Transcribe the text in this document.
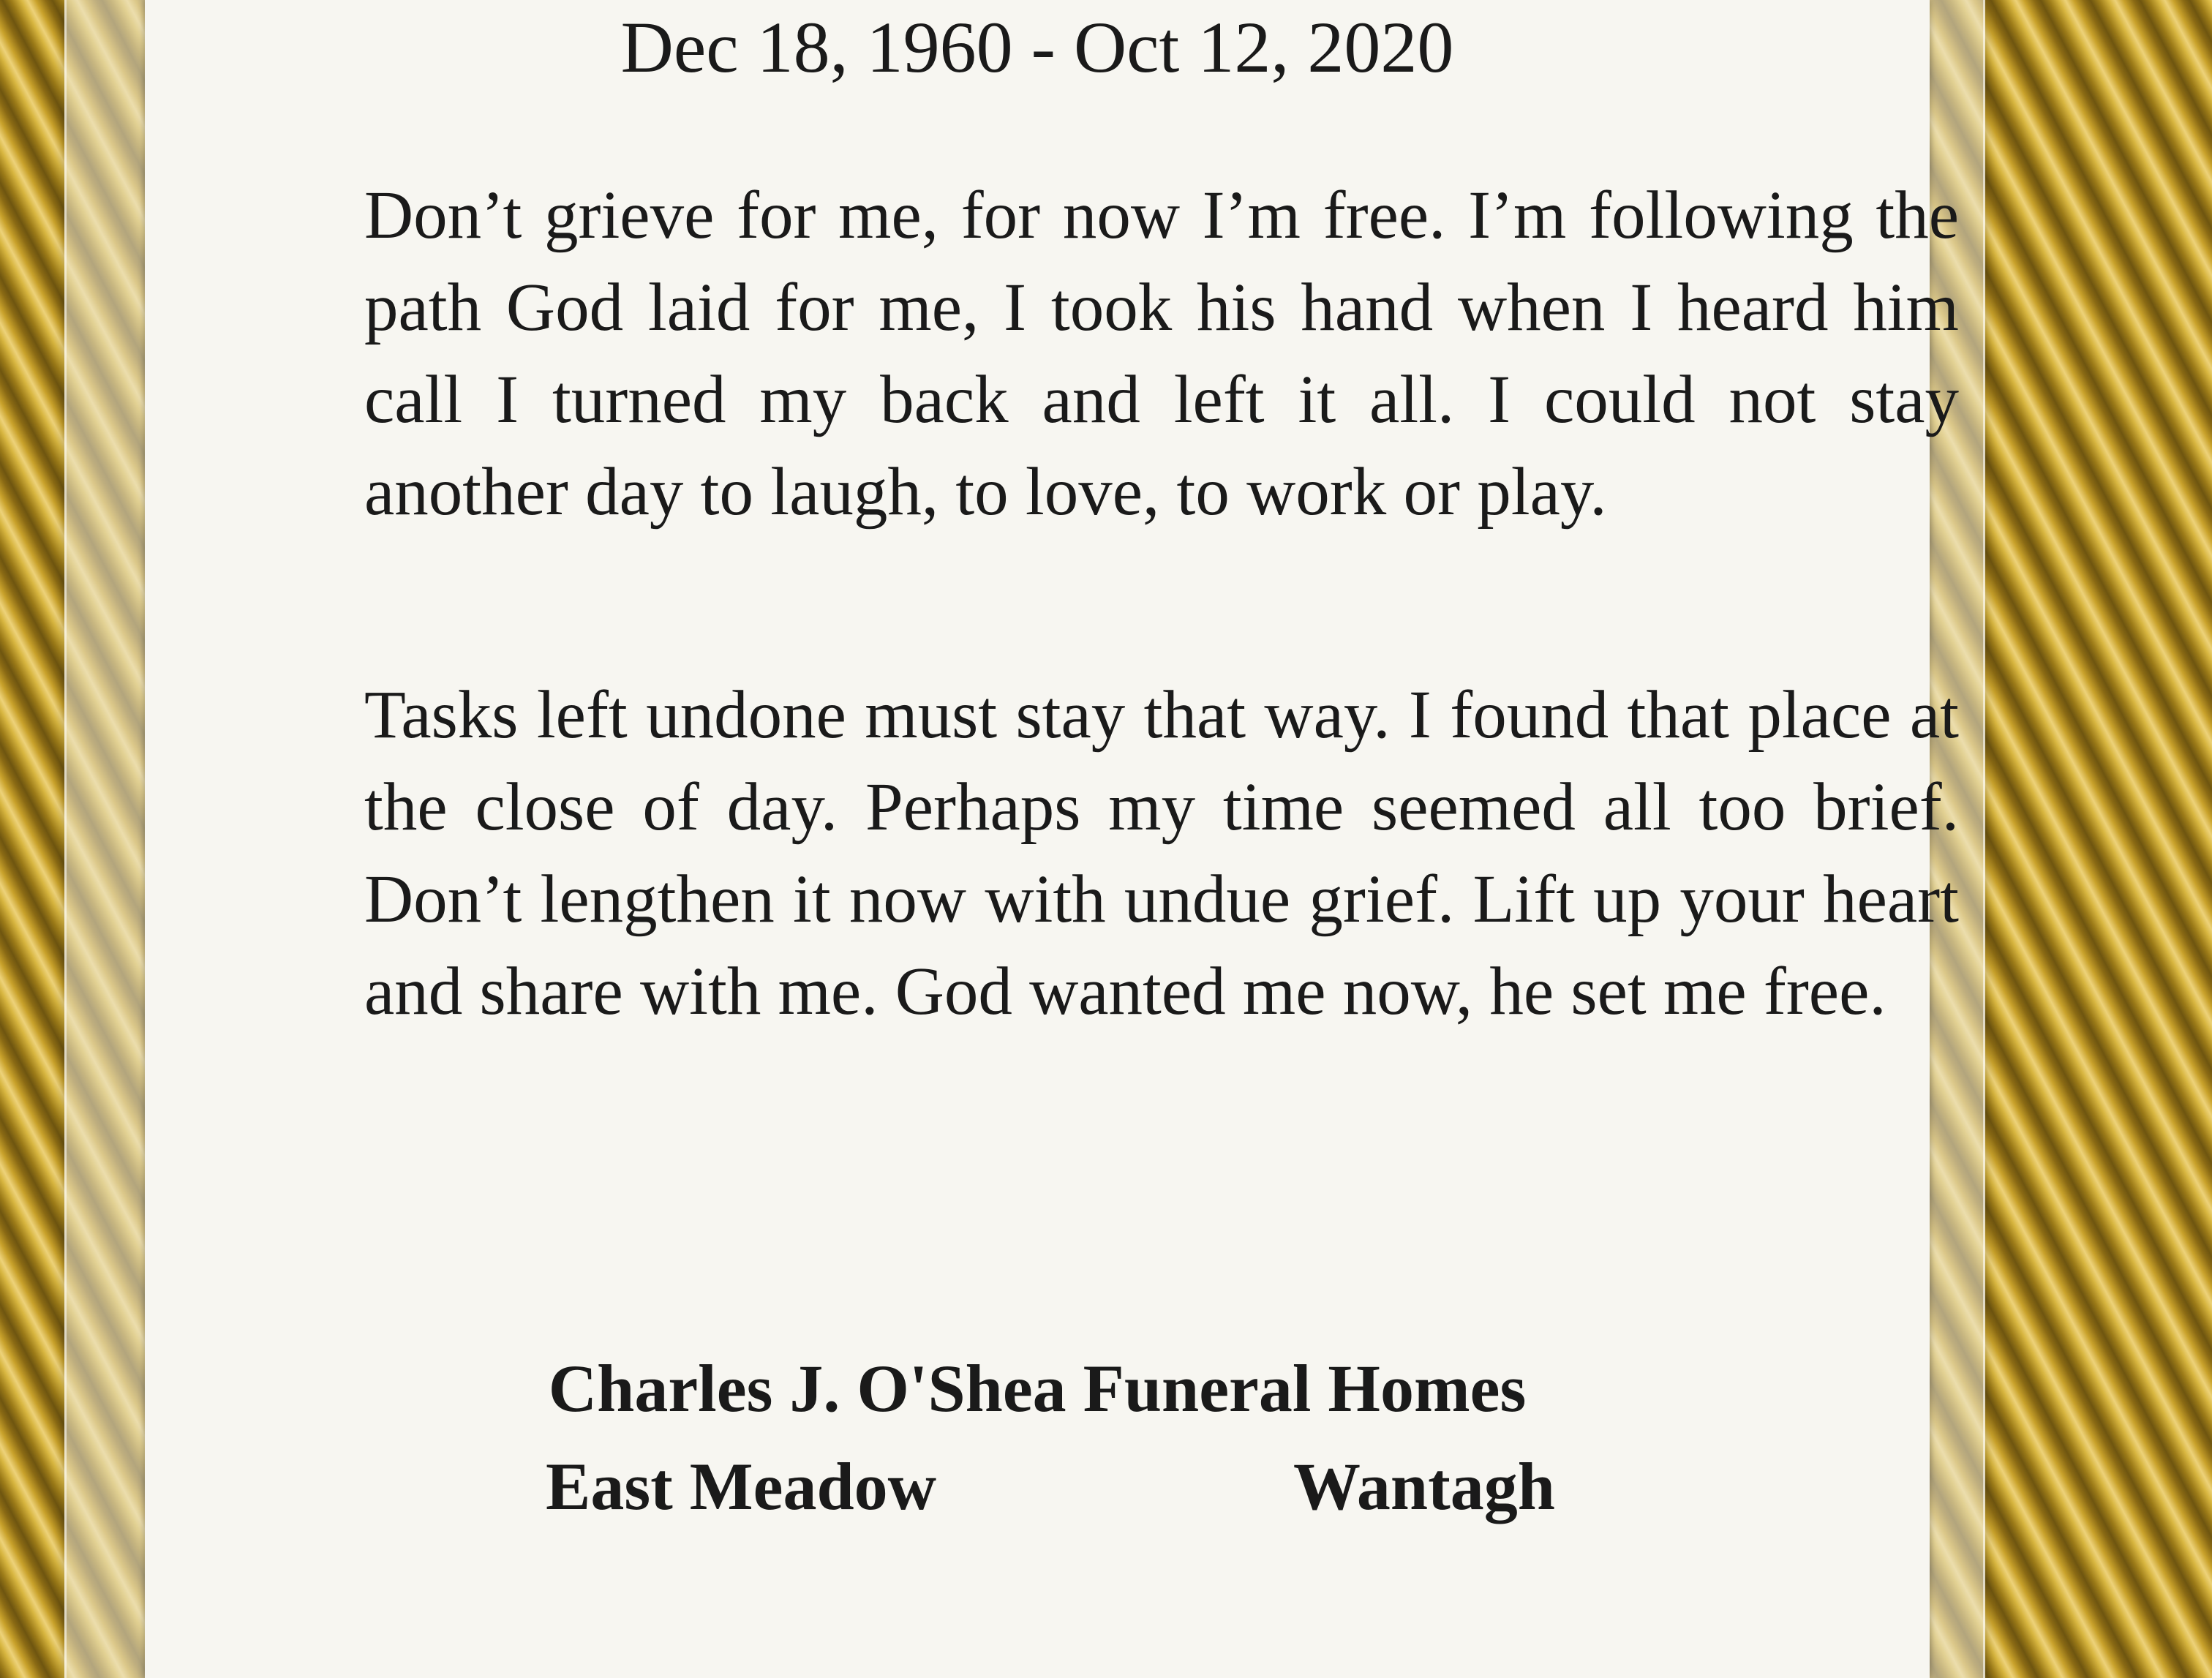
Dec 18, 1960 - Oct 12, 2020

Don’t grieve for me, for now I’m free. I’m following the path God laid for me, I took his hand when I heard him call I turned my back and left it all. I could not stay another day to laugh, to love, to work or play.

Tasks left undone must stay that way. I found that place at the close of day. Perhaps my time seemed all too brief. Don’t lengthen it now with undue grief. Lift up your heart and share with me. God wanted me now, he set me free.

Charles J. O'Shea Funeral Homes
East Meadow	Wantagh
